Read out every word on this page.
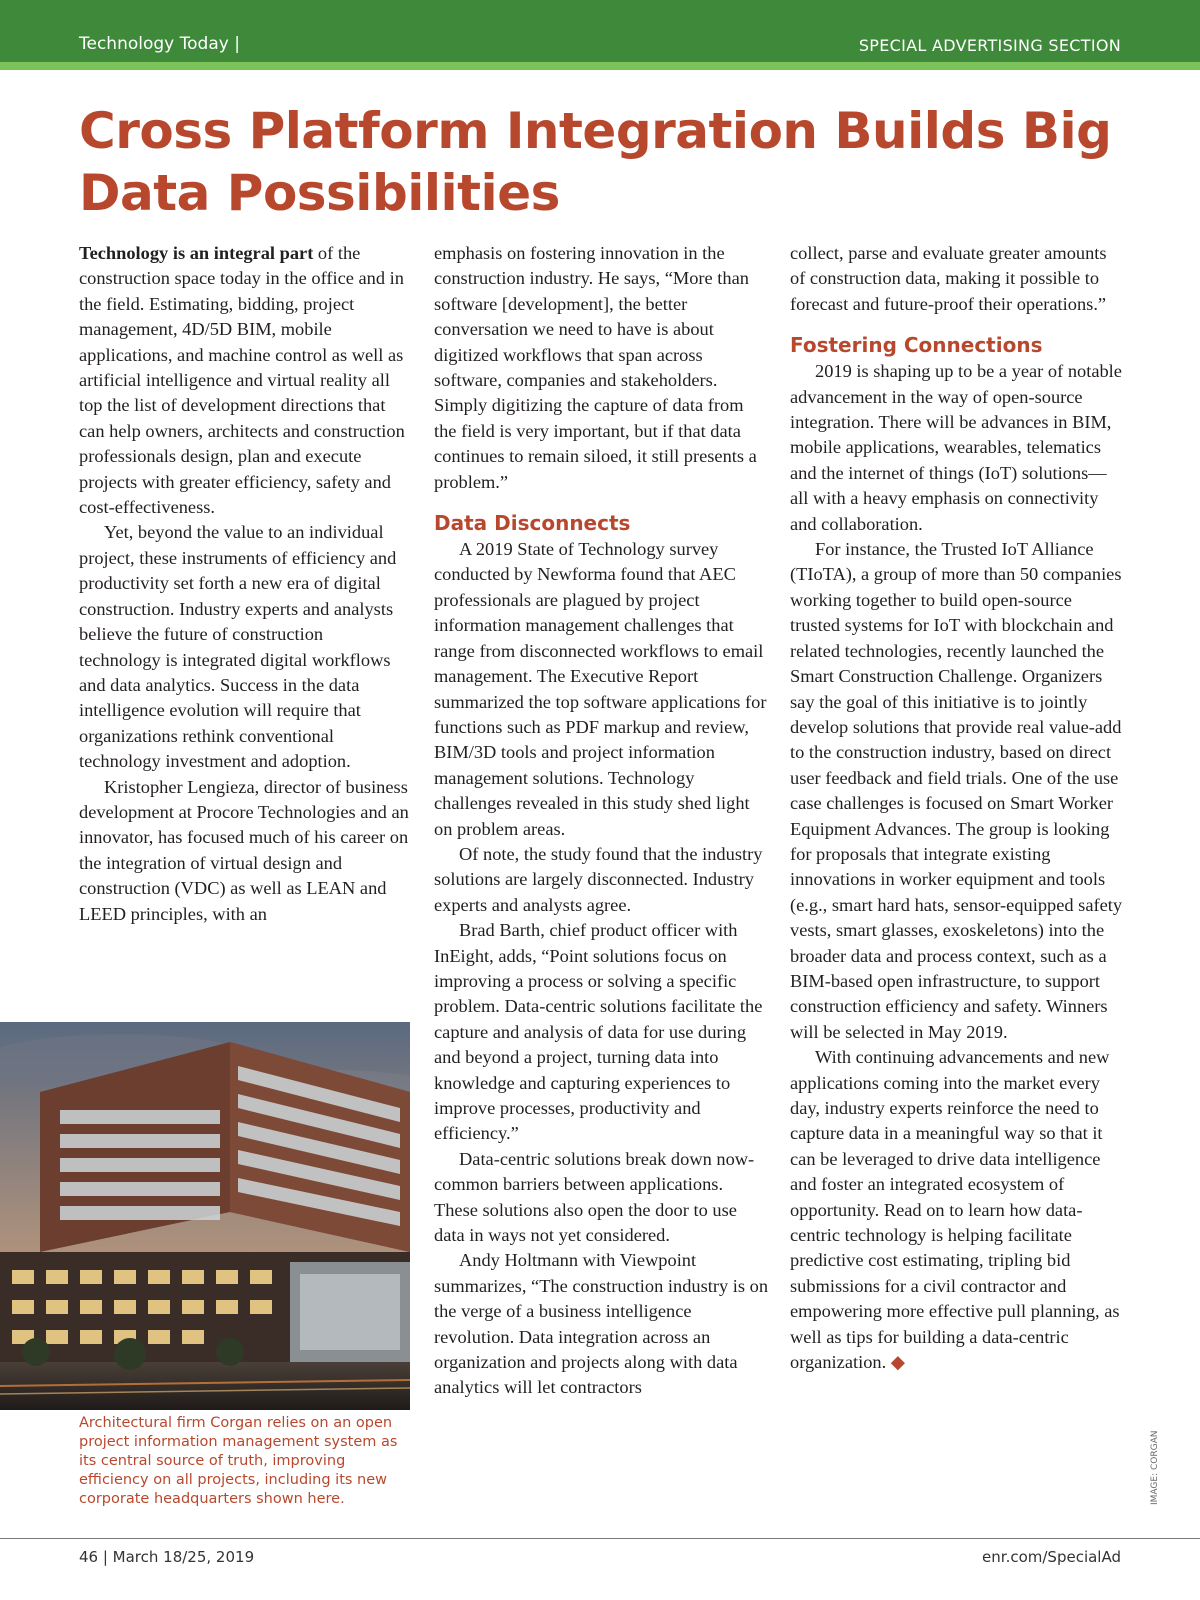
Technology Today |	SPECIAL ADVERTISING SECTION
Cross Platform Integration Builds Big Data Possibilities

Technology is an integral part of the construction space today in the office and in the field. Estimating, bidding, project management, 4D/5D BIM, mobile applications, and machine control as well as artificial intelligence and virtual reality all top the list of development directions that can help owners, architects and construction professionals design, plan and execute projects with greater efficiency, safety and cost-effectiveness.

Yet, beyond the value to an individual project, these instruments of efficiency and productivity set forth a new era of digital construction. Industry experts and analysts believe the future of construction technology is integrated digital workflows and data analytics. Success in the data intelligence evolution will require that organizations rethink conventional technology investment and adoption.

Kristopher Lengieza, director of business development at Procore Technologies and an innovator, has focused much of his career on the integration of virtual design and construction (VDC) as well as LEAN and LEED principles, with an

emphasis on fostering innovation in the construction industry. He says, “More than software [development], the better conversation we need to have is about digitized workflows that span across software, companies and stakeholders. Simply digitizing the capture of data from the field is very important, but if that data continues to remain siloed, it still presents a problem.”

Data Disconnects

A 2019 State of Technology survey conducted by Newforma found that AEC professionals are plagued by project information management challenges that range from disconnected workflows to email management. The Executive Report summarized the top software applications for functions such as PDF markup and review, BIM/3D tools and project information management solutions. Technology challenges revealed in this study shed light on problem areas.

Of note, the study found that the industry solutions are largely disconnected. Industry experts and analysts agree.

Brad Barth, chief product officer with InEight, adds, “Point solutions focus on improving a process or solving a specific problem. Data-centric solutions facilitate the capture and analysis of data for use during and beyond a project, turning data into knowledge and capturing experiences to improve processes, productivity and efficiency.”

Data-centric solutions break down now-common barriers between applications. These solutions also open the door to use data in ways not yet considered.

Andy Holtmann with Viewpoint summarizes, “The construction industry is on the verge of a business intelligence revolution. Data integration across an organization and projects along with data analytics will let contractors

collect, parse and evaluate greater amounts of construction data, making it possible to forecast and future-proof their operations.”

Fostering Connections

2019 is shaping up to be a year of notable advancement in the way of open-source integration. There will be advances in BIM, mobile applications, wearables, telematics and the internet of things (IoT) solutions—all with a heavy emphasis on connectivity and collaboration.

For instance, the Trusted IoT Alliance (TIoTA), a group of more than 50 companies working together to build open-source trusted systems for IoT with blockchain and related technologies, recently launched the Smart Construction Challenge. Organizers say the goal of this initiative is to jointly develop solutions that provide real value-add to the construction industry, based on direct user feedback and field trials. One of the use case challenges is focused on Smart Worker Equipment Advances. The group is looking for proposals that integrate existing innovations in worker equipment and tools (e.g., smart hard hats, sensor-equipped safety vests, smart glasses, exoskeletons) into the broader data and process context, such as a BIM-based open infrastructure, to support construction efficiency and safety. Winners will be selected in May 2019.

With continuing advancements and new applications coming into the market every day, industry experts reinforce the need to capture data in a meaningful way so that it can be leveraged to drive data intelligence and foster an integrated ecosystem of opportunity. Read on to learn how data-centric technology is helping facilitate predictive cost estimating, tripling bid submissions for a civil contractor and empowering more effective pull planning, as well as tips for building a data-centric organization. ◆

Architectural firm Corgan relies on an open project information management system as its central source of truth, improving efficiency on all projects, including its new corporate headquarters shown here.	IMAGE: CORGAN
46 | March 18/25, 2019	enr.com/SpecialAd
